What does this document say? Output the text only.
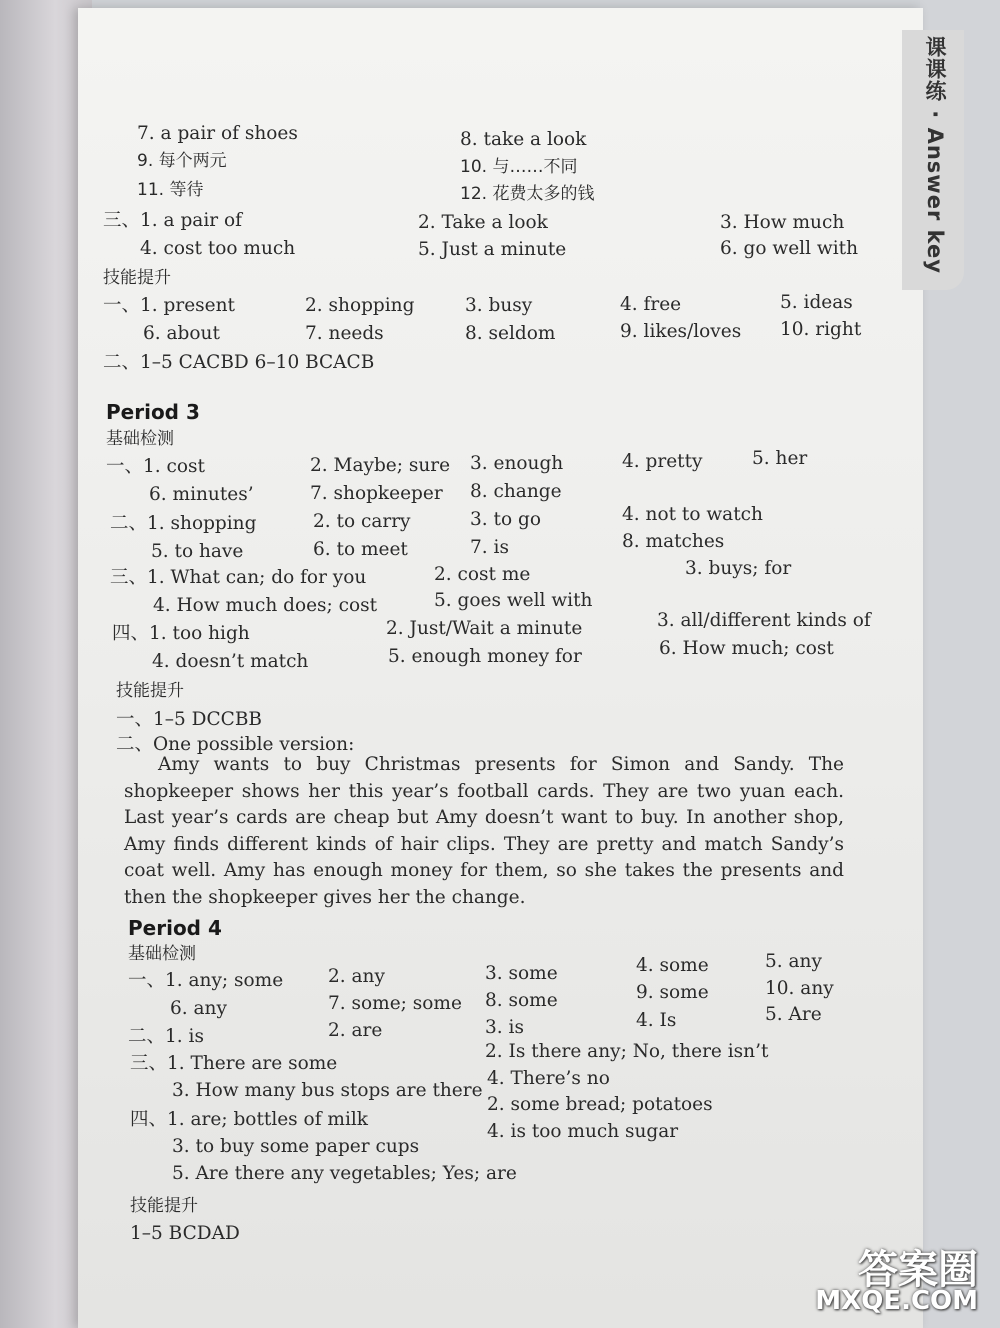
课课练 · Answer key
7. a pair of shoes	8. take a look
9. 每个两元	10. 与……不同
11. 等待	12. 花费太多的钱
三、1. a pair of	2. Take a look	3. How much
4. cost too much	5. Just a minute	6. go well with
技能提升
一、1. present	2. shopping	3. busy	4. free	5. ideas
6. about	7. needs	8. seldom	9. likes/loves 10. right
二、1–5 CACBD 6–10 BCACB
Period 3
基础检测
一、1. cost	2. Maybe; sure 3. enough	4. pretty	5. her
6. minutes’	7. shopkeeper 8. change
二、1. shopping	2. to carry	3. to go	4. not to watch
5. to have	6. to meet	7. is	8. matches
三、1. What can; do for you	2. cost me	3. buys; for
4. How much does; cost	5. goes well with
四、1. too high	2. Just/Wait a minute	3. all/different kinds of
4. doesn’t match	5. enough money for	6. How much; cost
技能提升
一、1–5 DCCBB
二、One possible version:
Period 4
基础检测
一、1. any; some 2. any	3. some	4. some	5. any
6. any	7. some; some 8. some	9. some	10. any
二、1. is	2. are	3. is	4. Is	5. Are
三、1. There are some
2. Is there any; No, there isn’t
3. How many bus stops are there
4. There’s no
四、1. are; bottles of milk
2. some bread; potatoes
3. to buy some paper cups
4. is too much sugar
5. Are there any vegetables; Yes; are
技能提升
1–5 BCDAD
Amy wants to buy Christmas presents for Simon and Sandy. The shopkeeper shows her this year’s football cards. They are two yuan each. Last year’s cards are cheap but Amy doesn’t want to buy. In another shop, Amy finds different kinds of hair clips. They are pretty and match Sandy’s coat well. Amy has enough money for them, so she takes the presents and then the shopkeeper gives her the change.
答案圈
MXQE.COM
